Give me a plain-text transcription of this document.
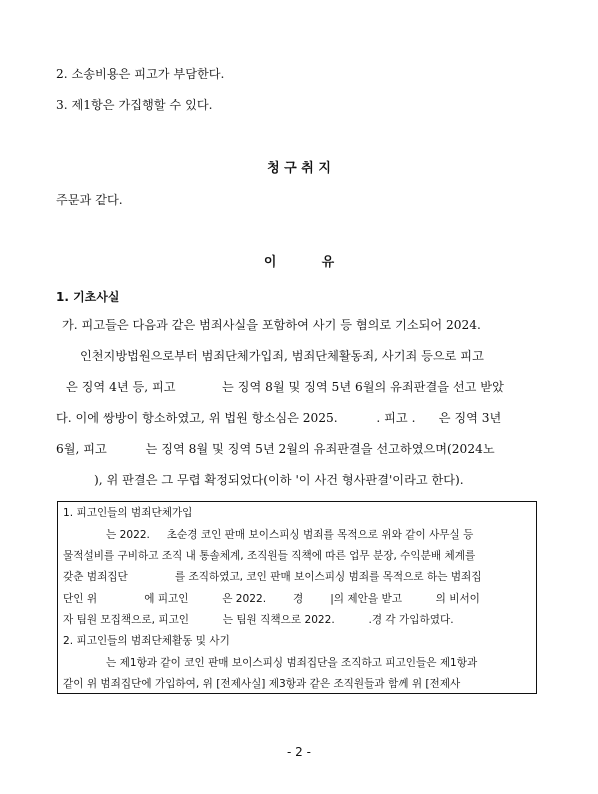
2. 소송비용은 피고가 부담한다.
3. 제1항은 가집행할 수 있다.
청 구 취 지
주문과 같다.
이          유
1. 기초사실
가. 피고들은 다음과 같은 범죄사실을 포함하여 사기 등 혐의로 기소되어 2024.
인천지방법원으로부터 범죄단체가입죄, 범죄단체활동죄, 사기죄 등으로 피고
은 징역 4년 등, 피고            는 징역 8월 및 징역 5년 6월의 유죄판결을 선고 받았
다. 이에 쌍방이 항소하였고, 위 법원 항소심은 2025.          . 피고 .      은 징역 3년
6월, 피고          는 징역 8월 및 징역 5년 2월의 유죄판결을 선고하였으며(2024노
), 위 판결은 그 무렵 확정되었다(이하 '이 사건 형사판결'이라고 한다).
1. 피고인들의 범죄단체가입
는 2022.     초순경 코인 판매 보이스피싱 범죄를 목적으로 위와 같이 사무실 등
물적설비를 구비하고 조직 내 통솔체계, 조직원들 직책에 따른 업무 분장, 수익분배 체계를
갖춘 범죄집단              를 조직하였고, 코인 판매 보이스피싱 범죄를 목적으로 하는 범죄집
단인 위              에 피고인          은 2022.        경        |의 제안을 받고          의 비서이
자 팀원 모집책으로, 피고인          는 팀원 직책으로 2022.          .경 각 가입하였다.
2. 피고인들의 범죄단체활동 및 사기
는 제1항과 같이 코인 판매 보이스피싱 범죄집단을 조직하고 피고인들은 제1항과
같이 위 범죄집단에 가입하여, 위 [전제사실] 제3항과 같은 조직원들과 함께 위 [전제사
- 2 -
